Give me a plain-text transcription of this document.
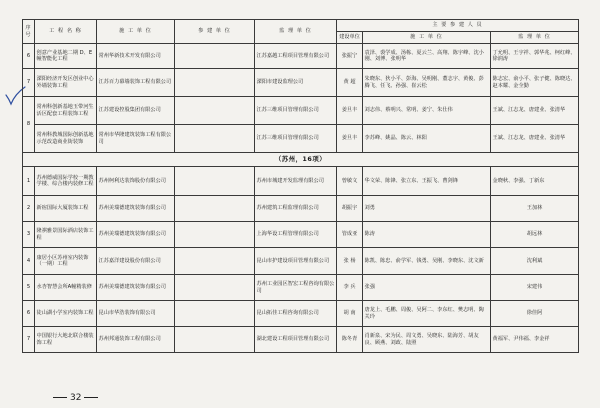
序号	工 程 名 称	施 工 单 位	参 建 单 位	监 理 单 位	主 要 参 建 人 员		
					建设单位	施 工 单 位	监 理 单 位
6	创意产业基地二期 D、E幢智能化工程	常州华新技术开发有限公司		江苏嘉越工程项目管理有限公司	张振宁	袁泽、裘学成、汤栋、夏云兰、高翔、陈宇峰、沈小刚、刘博、张明华	丁允明、王宇祥、郭华兆、柯红峰、徐润涛
7	溧阳经济开发区创业中心外墙装饰工程	江苏百力幕墙装饰工程有限公司		溧阳市建设监理公司	黄 超	朱晓东、狄小平、彭海、吴明刚、董志宇、黄俊、彭腾飞、任飞、孙强、崔云松	陈志宏、俞小平、张子健、陈晓达、赵本耀、金全勤
8	常州科创新基地玉带河生活区配套工程装饰工程	江苏建设控股集团有限公司		江苏三维项目管理有限公司	姜旦丰	刘志伟、蔡明兴、常明、姜宁、朱仕伟	王斌、江志龙、唐建业、张清华
	常州科教城国际创新基地示范改造商业街装饰	常州市华隆建筑装饰工程有限公司		江苏三维项目管理有限公司	姜旦丰	李苏峰、姚晶、陈云、林阳	王斌、江志龙、唐建业、张清华
（苏州，16项）							
1	苏州德威国际学校一期教学楼、综合楼内装修工程	苏州柯利达装饰股份有限公司		苏州市城建开发监理有限公司	曾敏文	华文荣、陈锋、张立东、王振飞、曹剑锋	金晓秋、李强、丁新东
2	新宿国际大厦装饰工程	苏州美瑞德建筑装饰有限公司		苏州建筑工程监理有限公司	胡振宇	刘勇	王加林
3	隆祺雅景国际酒店装饰工程	苏州美瑞德建筑装饰有限公司		上海华设工程管理有限公司	管成亚	陈涛	胡远林
4	康居小区苏州室内装饰（一期）工程	江苏嘉洋建设股份有限公司		昆山市护建设项目管理有限公司	张 杨	陈凯、陈忠、俞学军、钱勇、吴刚、李晓东、沈文新	沈利斌
5	水杏智慧会所A幢精装修	苏州美瑞德建筑装饰有限公司		苏州工业园区智宏工程咨询有限公司	李 兵	张强	宋建伟
6	徒山湖小学室内装饰工程	昆山市华浩装饰有限公司		昆山拓佳工程咨询有限公司	胡 南	唐龙上、毛鹏、周俊、吴阿二、李东红、樊志明、陶关玲	徐佳阿
7	中国银行大地北联合楼装饰工程	苏州邦通装饰工程有限公司		湖北建设工程项目管理有限公司	陈冬青	肖新泉、宋为民、周文勇、吴晓东、陆海芳、胡友良、顾燕、刘政、陆照	黄福军、尹伟福、李金祥
32
